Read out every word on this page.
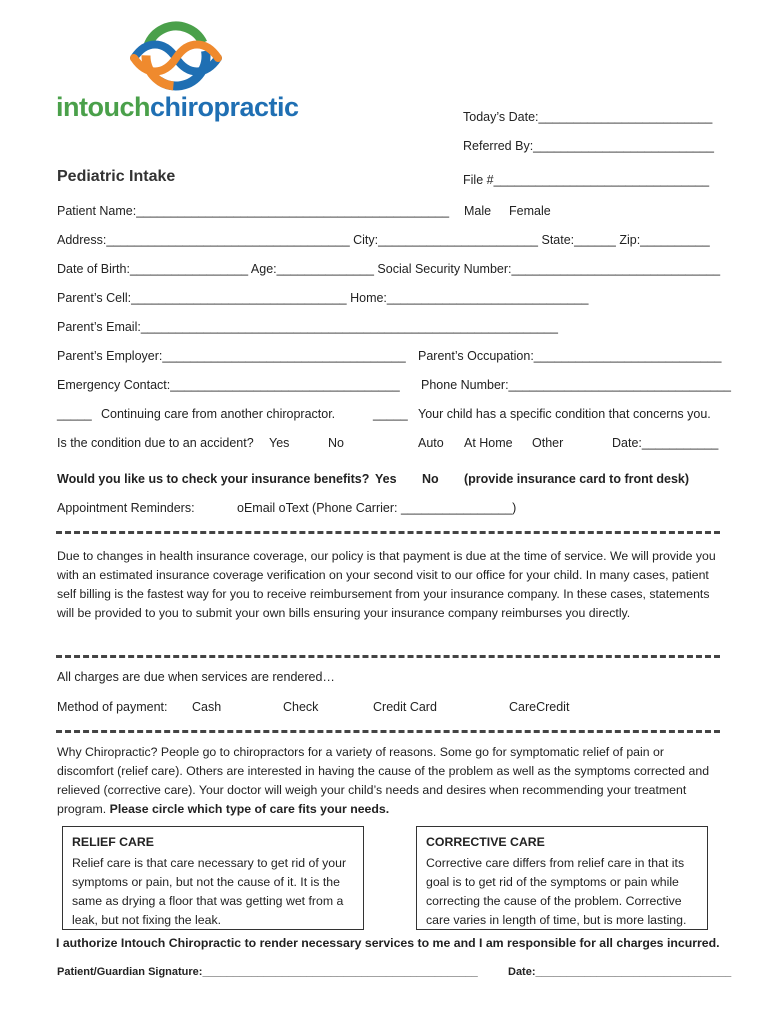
intouchchiropractic	Today’s Date:_________________________
Referred By:__________________________
File #_______________________________
Pediatric Intake
Patient Name:_____________________________________________ Male Female
Address:___________________________________ City:_______________________ State:______ Zip:__________
Date of Birth:_________________ Age:______________ Social Security Number:______________________________
Parent’s Cell:_______________________________ Home:_____________________________
Parent’s Email:____________________________________________________________
Parent’s Employer:___________________________________ Parent’s Occupation:___________________________
Emergency Contact:_________________________________ Phone Number:________________________________
_____ Continuing care from another chiropractor.	_____ Your child has a specific condition that concerns you.
Is the condition due to an accident? Yes	No	Auto At Home Other	Date:___________
Would you like us to check your insurance benefits? Yes No (provide insurance card to front desk)
Appointment Reminders:	oEmail oText (Phone Carrier: ________________)
Due to changes in health insurance coverage, our policy is that payment is due at the time of service. We will provide you with an estimated insurance coverage verification on your second visit to our office for your child. In many cases, patient self billing is the fastest way for you to receive reimbursement from your insurance company. In these cases, statements will be provided to you to submit your own bills ensuring your insurance company reimburses you directly.
All charges are due when services are rendered…
Method of payment: Cash	Check	Credit Card	CareCredit
Why Chiropractic? People go to chiropractors for a variety of reasons. Some go for symptomatic relief of pain or discomfort (relief care). Others are interested in having the cause of the problem as well as the symptoms corrected and relieved (corrective care). Your doctor will weigh your child’s needs and desires when recommending your treatment program. Please circle which type of care fits your needs.
RELIEF CARE
Relief care is that care necessary to get rid of your symptoms or pain, but not the cause of it. It is the same as drying a floor that was getting wet from a leak, but not fixing the leak.
CORRECTIVE CARE
Corrective care differs from relief care in that its goal is to get rid of the symptoms or pain while correcting the cause of the problem. Corrective care varies in length of time, but is more lasting.
I authorize Intouch Chiropractic to render necessary services to me and I am responsible for all charges incurred.
Patient/Guardian Signature:_____________________________________________	Date:________________________________
